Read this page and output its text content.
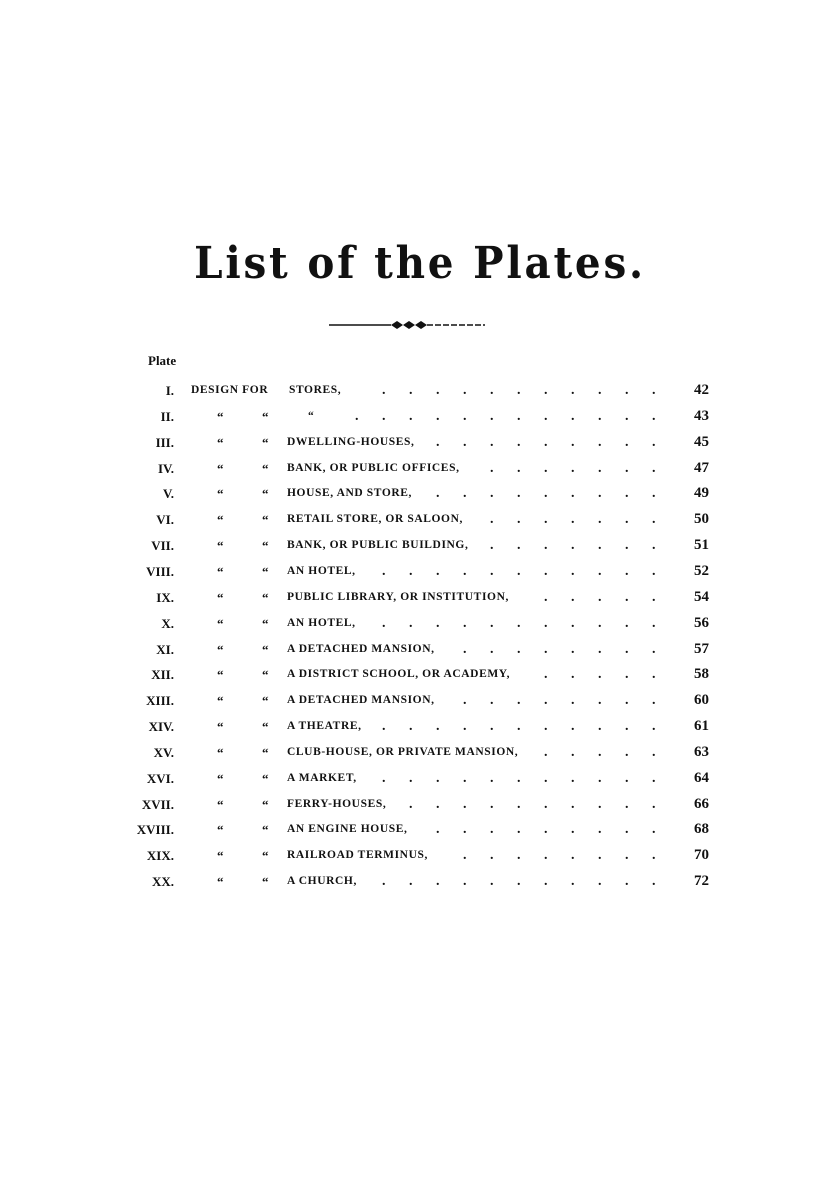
List of the Plates.
Plate
I. DESIGN FOR STORES,	42
. . . . . . . . . . .
II.	“	“	“	43
. . . . . . . . . . . .
III.	“	“ DWELLING-HOUSES,	45
. . . . . . . . .
IV.	“	“ BANK, OR PUBLIC OFFICES,	47
. . . . . . .
V.	“	“ HOUSE, AND STORE,	49
. . . . . . . . .
VI.	“	“ RETAIL STORE, OR SALOON,	50
. . . . . . .
VII.	“	“ BANK, OR PUBLIC BUILDING,	51
. . . . . . .
VIII.	“	“ AN HOTEL,	52
. . . . . . . . . . .
IX.	“	“ PUBLIC LIBRARY, OR INSTITUTION,	54
. . . . .
X.	“	“ AN HOTEL,	56
. . . . . . . . . . .
XI.	“	“ A DETACHED MANSION,	57
. . . . . . . .
XII.	“	“ A DISTRICT SCHOOL, OR ACADEMY,	58
. . . . .
XIII.	“	“ A DETACHED MANSION,	60
. . . . . . . .
XIV.	“	“ A THEATRE,	61
. . . . . . . . . . .
XV.	“	“ CLUB-HOUSE, OR PRIVATE MANSION,	63
. . . . .
XVI.	“	“ A MARKET,	64
. . . . . . . . . . .
XVII.	“	“ FERRY-HOUSES,	66
. . . . . . . . . .
XVIII.	“	“ AN ENGINE HOUSE,	68
. . . . . . . . .
XIX.	“	“ RAILROAD TERMINUS,	70
. . . . . . . .
XX.	“	“ A CHURCH,	72
. . . . . . . . . . .
